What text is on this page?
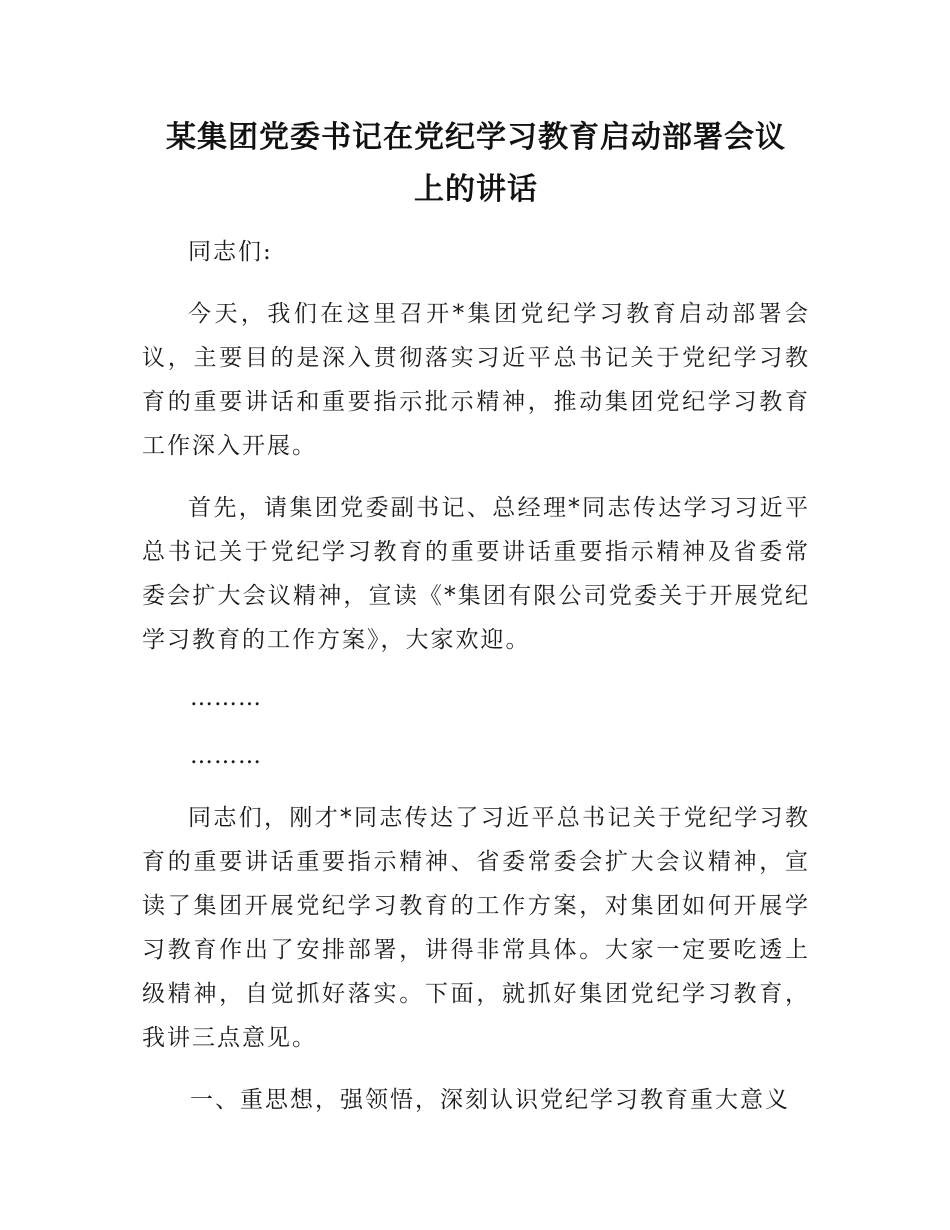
某集团党委书记在党纪学习教育启动部署会议
上的讲话

同志们:

今天，我们在这里召开*集团党纪学习教育启动部署会议，主要目的是深入贯彻落实习近平总书记关于党纪学习教育的重要讲话和重要指示批示精神，推动集团党纪学习教育工作深入开展。

首先，请集团党委副书记、总经理*同志传达学习习近平总书记关于党纪学习教育的重要讲话重要指示精神及省委常委会扩大会议精神，宣读《*集团有限公司党委关于开展党纪学习教育的工作方案》，大家欢迎。

………

………

同志们，刚才*同志传达了习近平总书记关于党纪学习教育的重要讲话重要指示精神、省委常委会扩大会议精神，宣读了集团开展党纪学习教育的工作方案，对集团如何开展学习教育作出了安排部署，讲得非常具体。大家一定要吃透上级精神，自觉抓好落实。下面，就抓好集团党纪学习教育，我讲三点意见。

一、重思想，强领悟，深刻认识党纪学习教育重大意义
